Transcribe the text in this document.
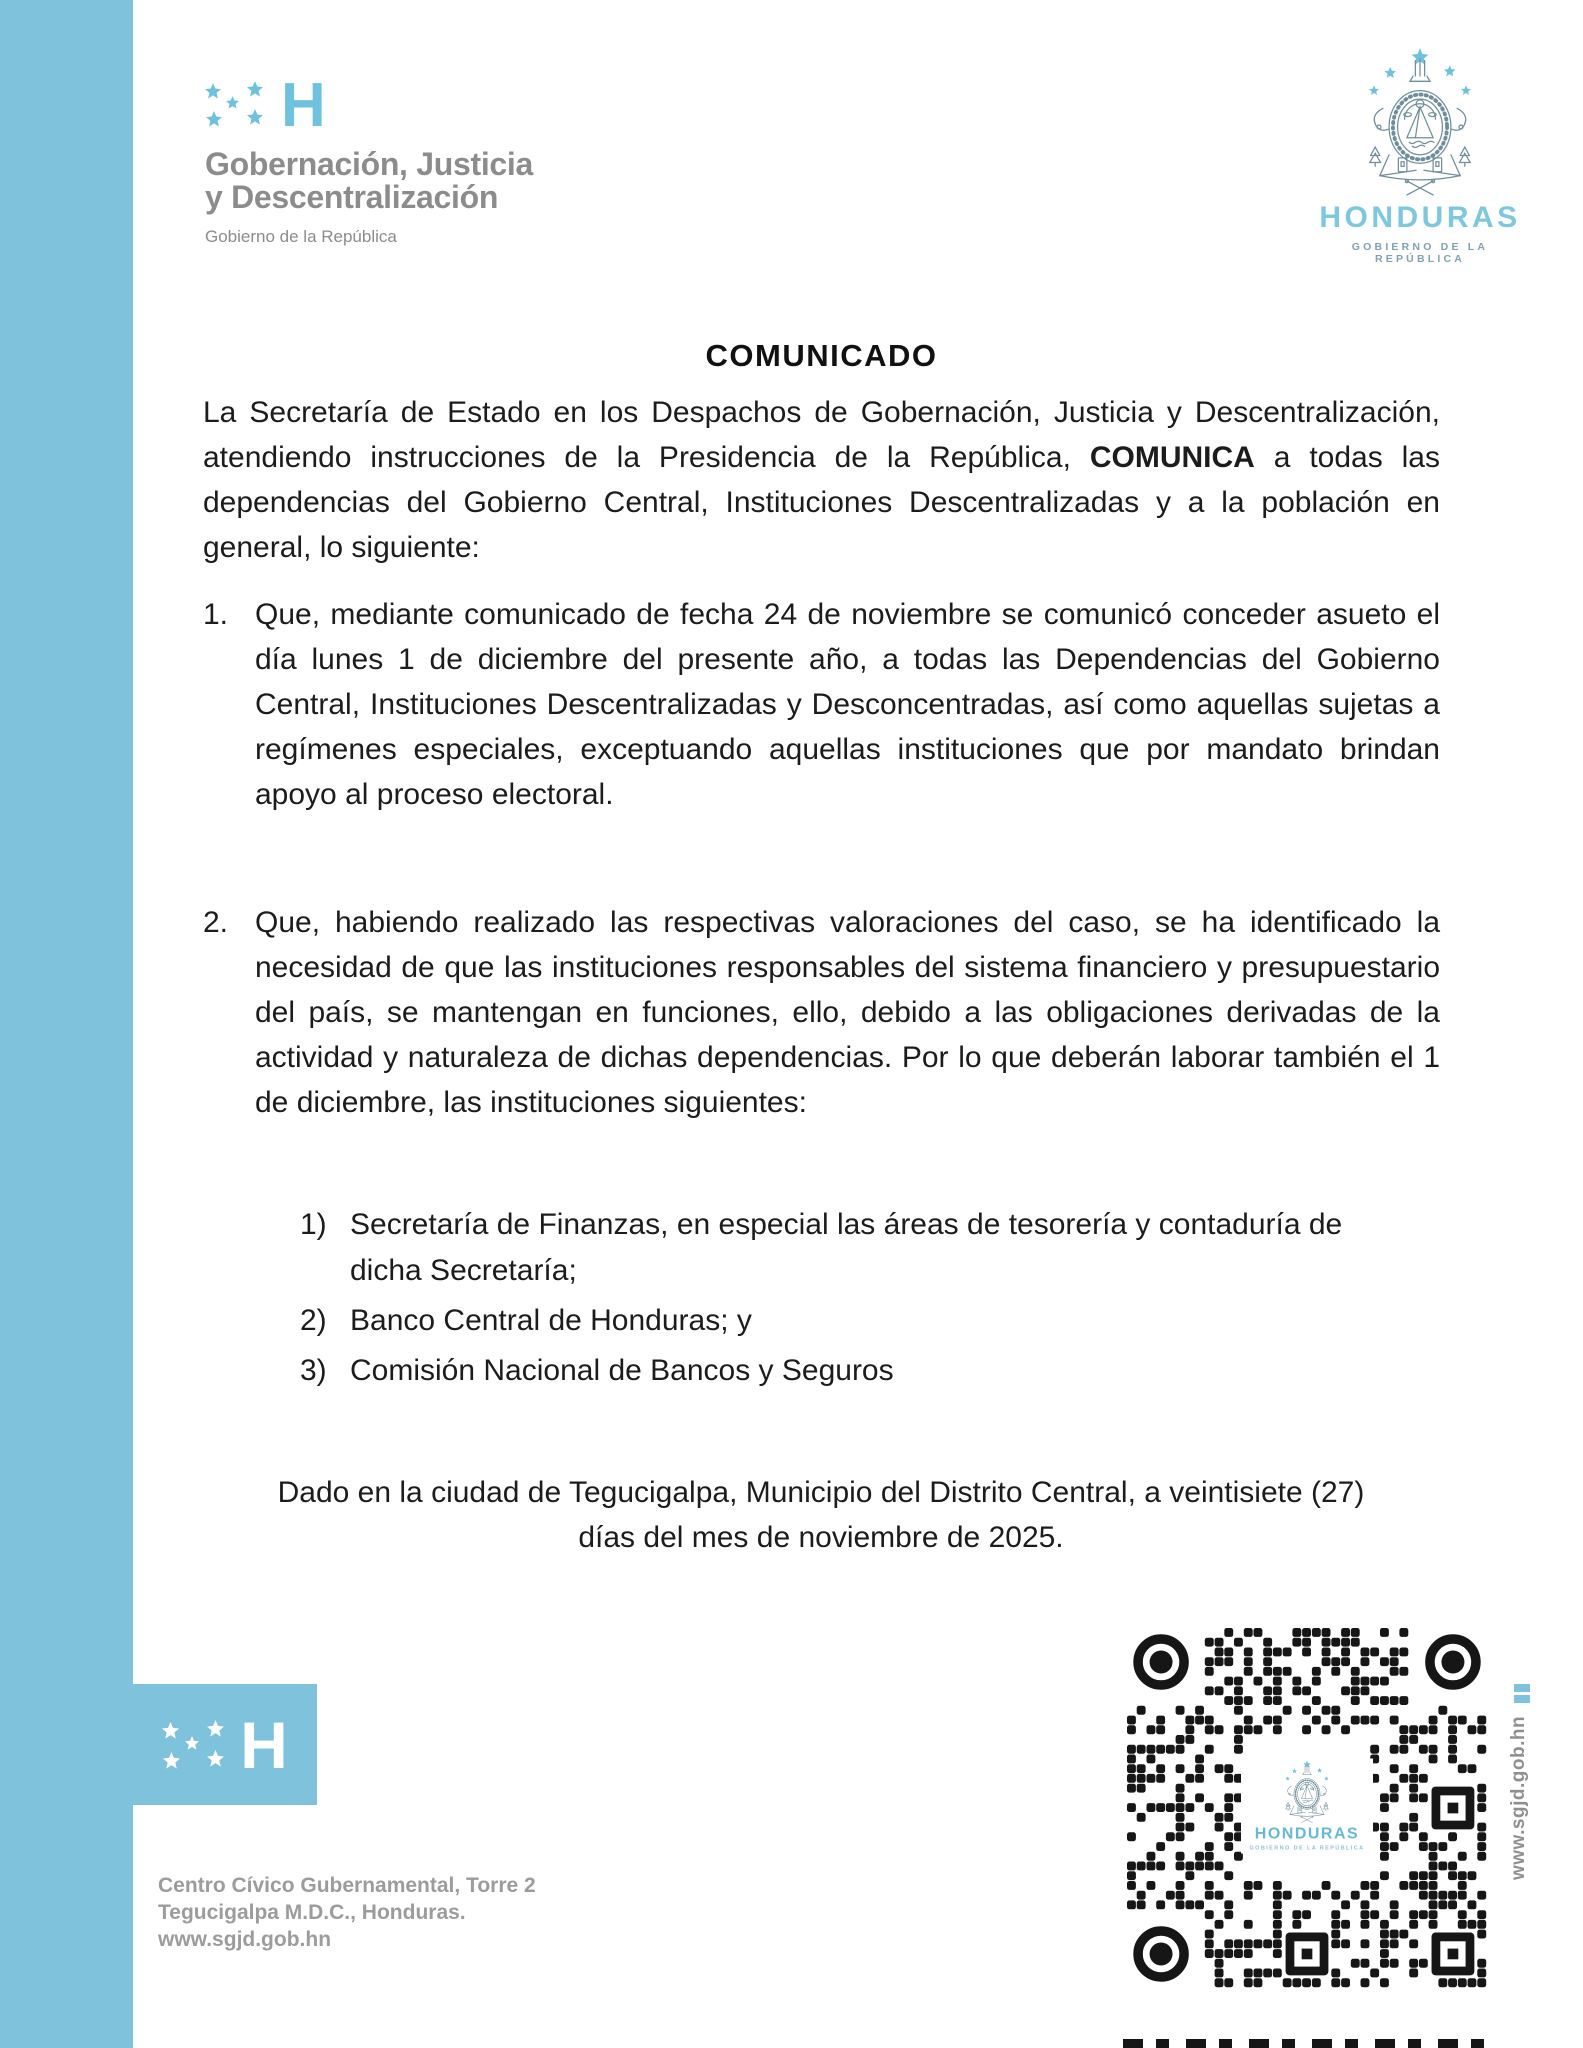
H
Gobernación, Justicia
y Descentralización
Gobierno de la República
HONDURAS
GOBIERNO DE LA REPÚBLICA
COMUNICADO
La Secretaría de Estado en los Despachos de Gobernación, Justicia y Descentralización, atendiendo instrucciones de la Presidencia de la República, COMUNICA a todas las dependencias del Gobierno Central, Instituciones Descentralizadas y a la población en general, lo siguiente:
1. Que, mediante comunicado de fecha 24 de noviembre se comunicó conceder asueto el día lunes 1 de diciembre del presente año, a todas las Dependencias del Gobierno Central, Instituciones Descentralizadas y Desconcentradas, así como aquellas sujetas a regímenes especiales, exceptuando aquellas instituciones que por mandato brindan apoyo al proceso electoral.
2. Que, habiendo realizado las respectivas valoraciones del caso, se ha identificado la necesidad de que las instituciones responsables del sistema financiero y presupuestario del país, se mantengan en funciones, ello, debido a las obligaciones derivadas de la actividad y naturaleza de dichas dependencias. Por lo que deberán laborar también el 1 de diciembre, las instituciones siguientes:
1) Secretaría de Finanzas, en especial las áreas de tesorería y contaduría de dicha Secretaría;
2) Banco Central de Honduras; y
3) Comisión Nacional de Bancos y Seguros
Dado en la ciudad de Tegucigalpa, Municipio del Distrito Central, a veintisiete (27) días del mes de noviembre de 2025.
H
Centro Cívico Gubernamental, Torre 2
Tegucigalpa M.D.C., Honduras.
www.sgjd.gob.hn
HONDURAS
GOBIERNO DE LA REPÚBLICA	www.sgjd.gob.hn
